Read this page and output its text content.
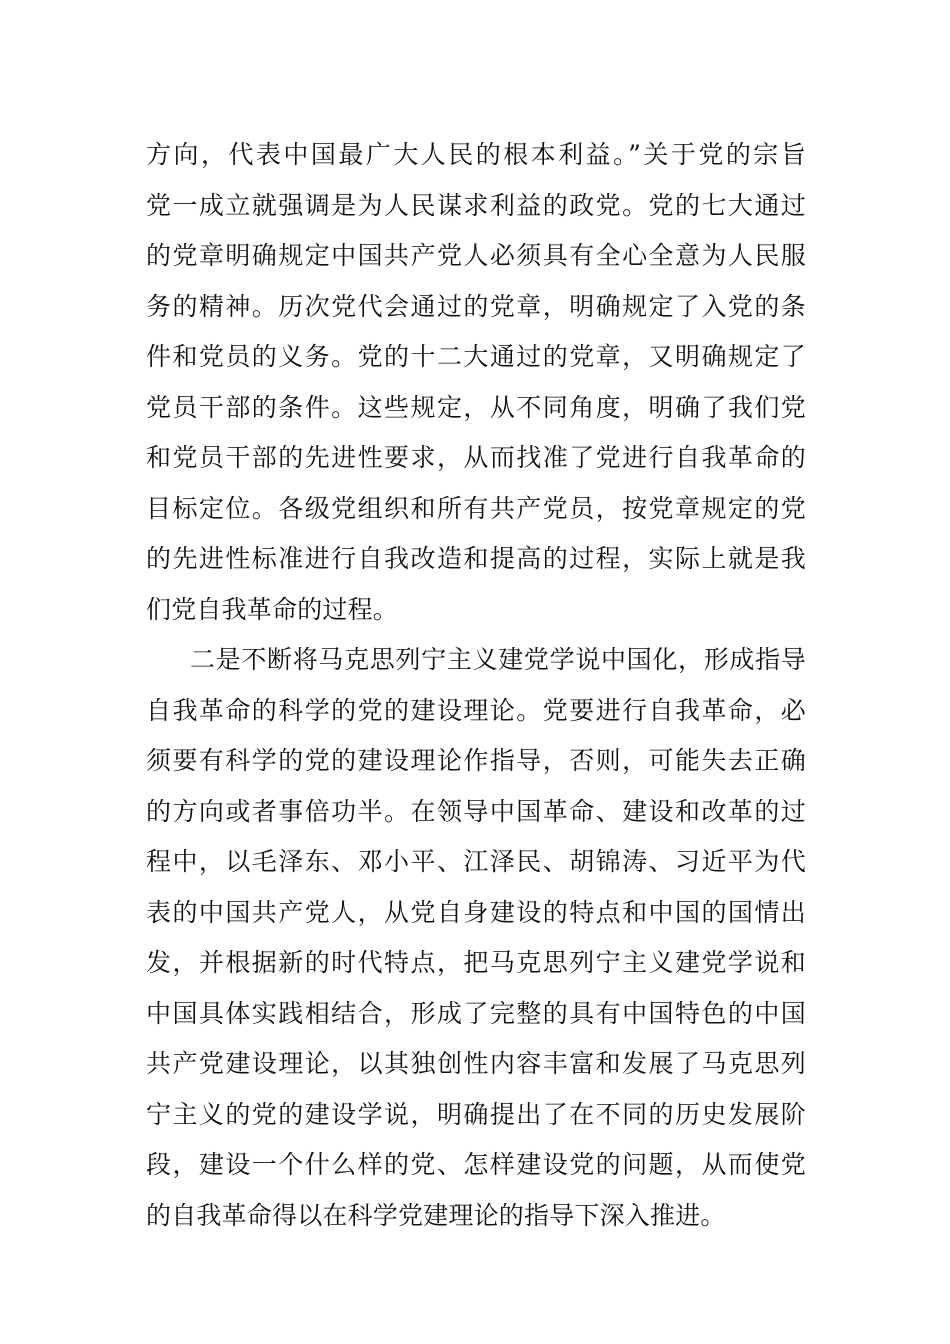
方向，代表中国最广大人民的根本利益。”关于党的宗旨
党一成立就强调是为人民谋求利益的政党。党的七大通过
的党章明确规定中国共产党人必须具有全心全意为人民服
务的精神。历次党代会通过的党章，明确规定了入党的条
件和党员的义务。党的十二大通过的党章，又明确规定了
党员干部的条件。这些规定，从不同角度，明确了我们党
和党员干部的先进性要求，从而找准了党进行自我革命的
目标定位。各级党组织和所有共产党员，按党章规定的党
的先进性标准进行自我改造和提高的过程，实际上就是我
们党自我革命的过程。
二是不断将马克思列宁主义建党学说中国化，形成指导
自我革命的科学的党的建设理论。党要进行自我革命，必
须要有科学的党的建设理论作指导，否则，可能失去正确
的方向或者事倍功半。在领导中国革命、建设和改革的过
程中，以毛泽东、邓小平、江泽民、胡锦涛、习近平为代
表的中国共产党人，从党自身建设的特点和中国的国情出
发，并根据新的时代特点，把马克思列宁主义建党学说和
中国具体实践相结合，形成了完整的具有中国特色的中国
共产党建设理论，以其独创性内容丰富和发展了马克思列
宁主义的党的建设学说，明确提出了在不同的历史发展阶
段，建设一个什么样的党、怎样建设党的问题，从而使党
的自我革命得以在科学党建理论的指导下深入推进。
